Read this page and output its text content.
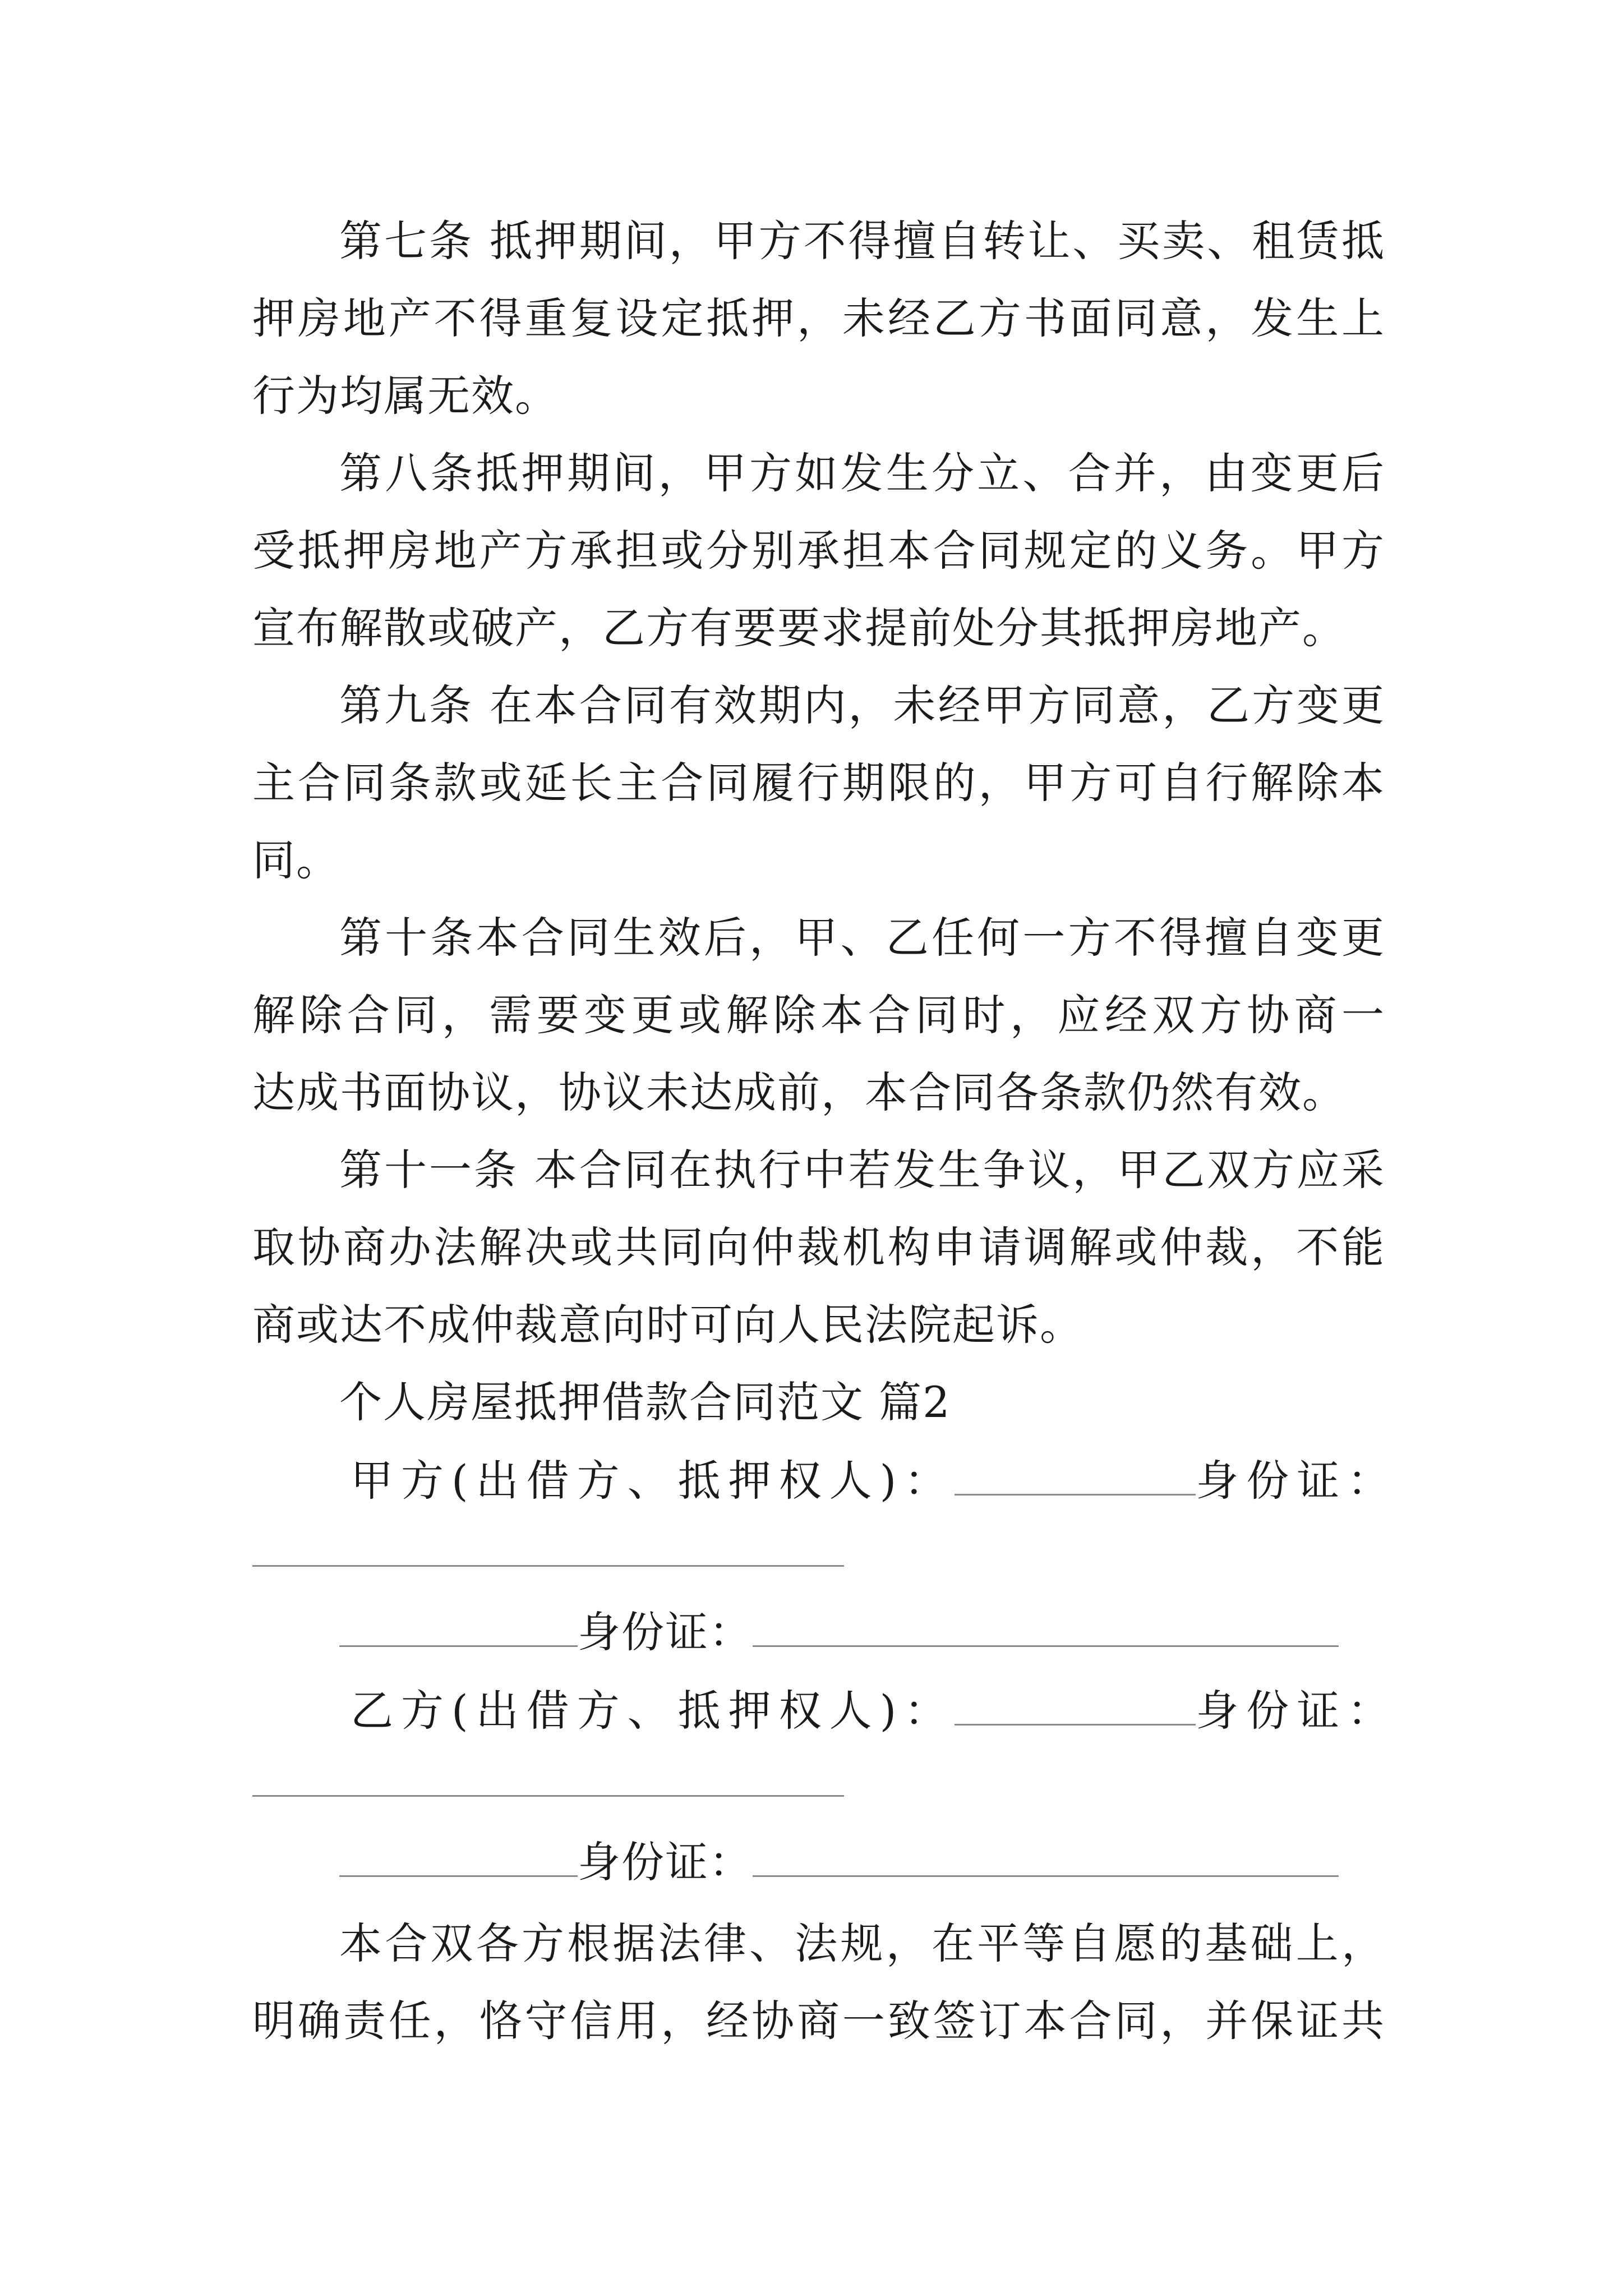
第七条 抵押期间，甲方不得擅自转让、买卖、租赁抵
押房地产不得重复设定抵押，未经乙方书面同意，发生上
行为均属无效。
第八条抵押期间，甲方如发生分立、合并，由变更后
受抵押房地产方承担或分别承担本合同规定的义务。甲方
宣布解散或破产，乙方有要要求提前处分其抵押房地产。
第九条 在本合同有效期内，未经甲方同意，乙方变更
主合同条款或延长主合同履行期限的，甲方可自行解除本
同。
第十条本合同生效后，甲、乙任何一方不得擅自变更
解除合同，需要变更或解除本合同时，应经双方协商一
达成书面协议，协议未达成前，本合同各条款仍然有效。
第十一条 本合同在执行中若发生争议，甲乙双方应采
取协商办法解决或共同向仲裁机构申请调解或仲裁，不能
商或达不成仲裁意向时可向人民法院起诉。
个人房屋抵押借款合同范文 篇2
甲方(出借方、抵押权人)：	身份证：
身份证：
乙方(出借方、抵押权人)：	身份证：
身份证：
本合双各方根据法律、法规，在平等自愿的基础上，
明确责任，恪守信用，经协商一致签订本合同，并保证共
